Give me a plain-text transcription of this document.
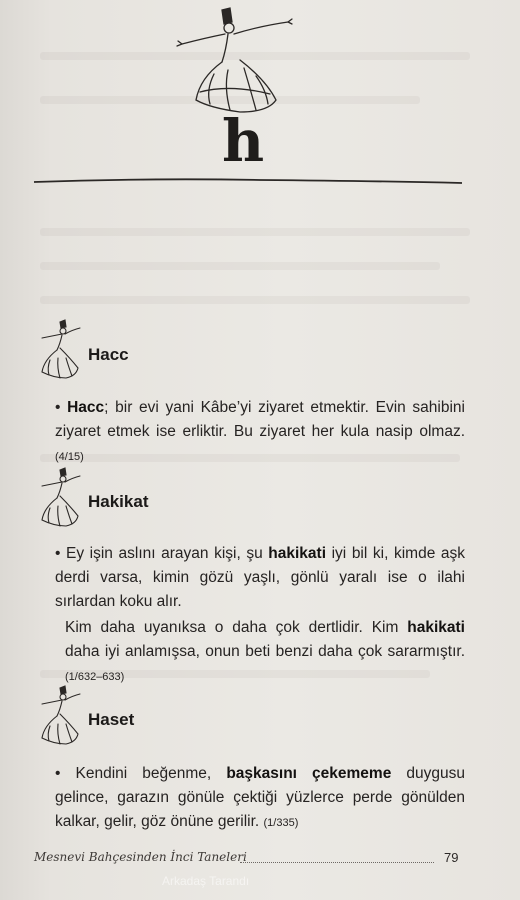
h
Hacc
• Hacc; bir evi yani Kâbe’yi ziyaret etmektir. Evin sahibini ziyaret etmek ise erliktir. Bu ziyaret her kula nasip olmaz. (4/15)
Hakikat
• Ey işin aslını arayan kişi, şu hakikati iyi bil ki, kimde aşk derdi varsa, kimin gözü yaşlı, gönlü yaralı ise o ilahi sırlardan koku alır.
Kim daha uyanıksa o daha çok dertlidir. Kim hakikati daha iyi anlamışsa, onun beti benzi daha çok sararmıştır. (1/632–633)
Haset
• Kendini beğenme, başkasını çekememe duygusu gelince, garazın gönüle çektiği yüzlerce perde gönülden kalkar, gelir, göz önüne gerilir. (1/335)
Mesnevi Bahçesinden İnci Taneleri	79
Arkadaş Tarandı
